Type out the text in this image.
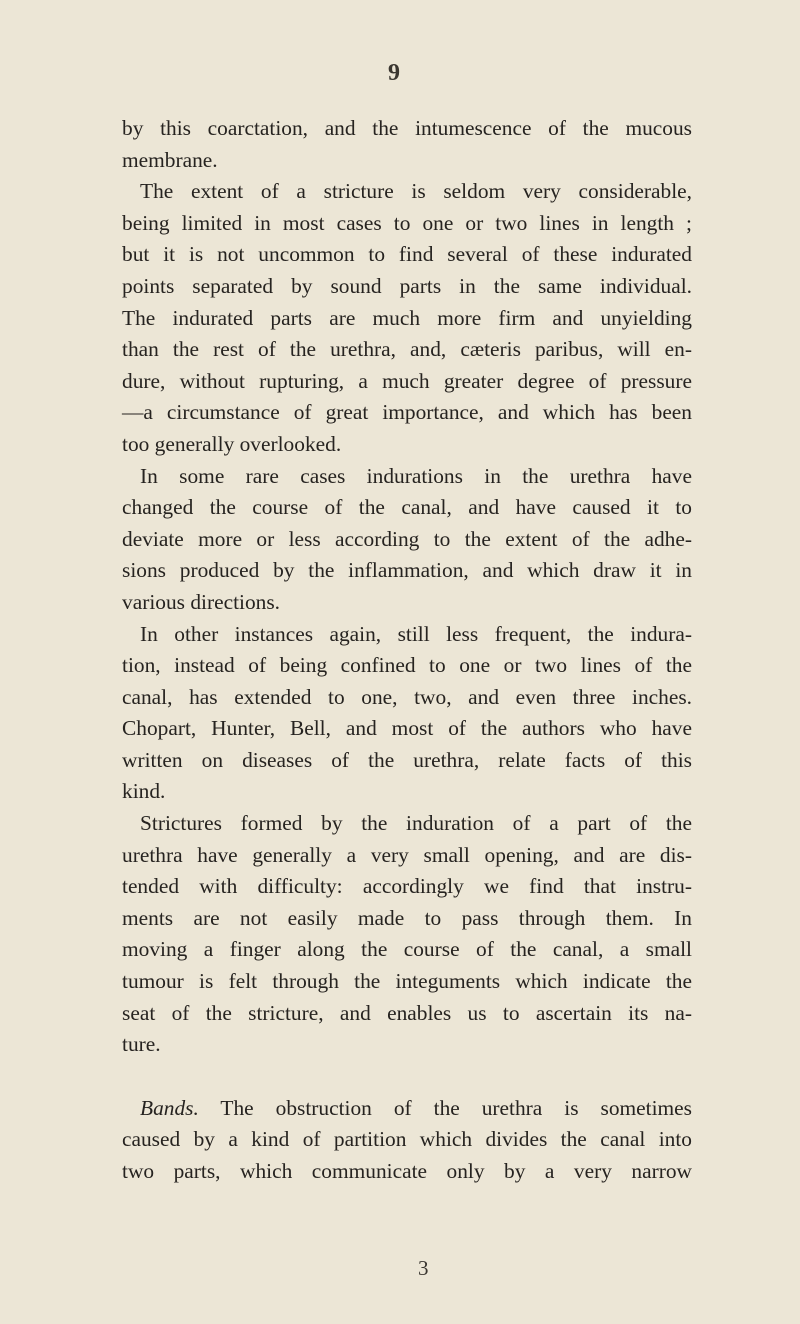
9
by this coarctation, and the intumescence of the mucous
membrane.
The extent of a stricture is seldom very considerable,
being limited in most cases to one or two lines in length ;
but it is not uncommon to find several of these indurated
points separated by sound parts in the same individual.
The indurated parts are much more firm and unyielding
than the rest of the urethra, and, cæteris paribus, will en-
dure, without rupturing, a much greater degree of pressure
—a circumstance of great importance, and which has been
too generally overlooked.
In some rare cases indurations in the urethra have
changed the course of the canal, and have caused it to
deviate more or less according to the extent of the adhe-
sions produced by the inflammation, and which draw it in
various directions.
In other instances again, still less frequent, the indura-
tion, instead of being confined to one or two lines of the
canal, has extended to one, two, and even three inches.
Chopart, Hunter, Bell, and most of the authors who have
written on diseases of the urethra, relate facts of this
kind.
Strictures formed by the induration of a part of the
urethra have generally a very small opening, and are dis-
tended with difficulty: accordingly we find that instru-
ments are not easily made to pass through them. In
moving a finger along the course of the canal, a small
tumour is felt through the integuments which indicate the
seat of the stricture, and enables us to ascertain its na-
ture.
Bands. The obstruction of the urethra is sometimes
caused by a kind of partition which divides the canal into
two parts, which communicate only by a very narrow
3
